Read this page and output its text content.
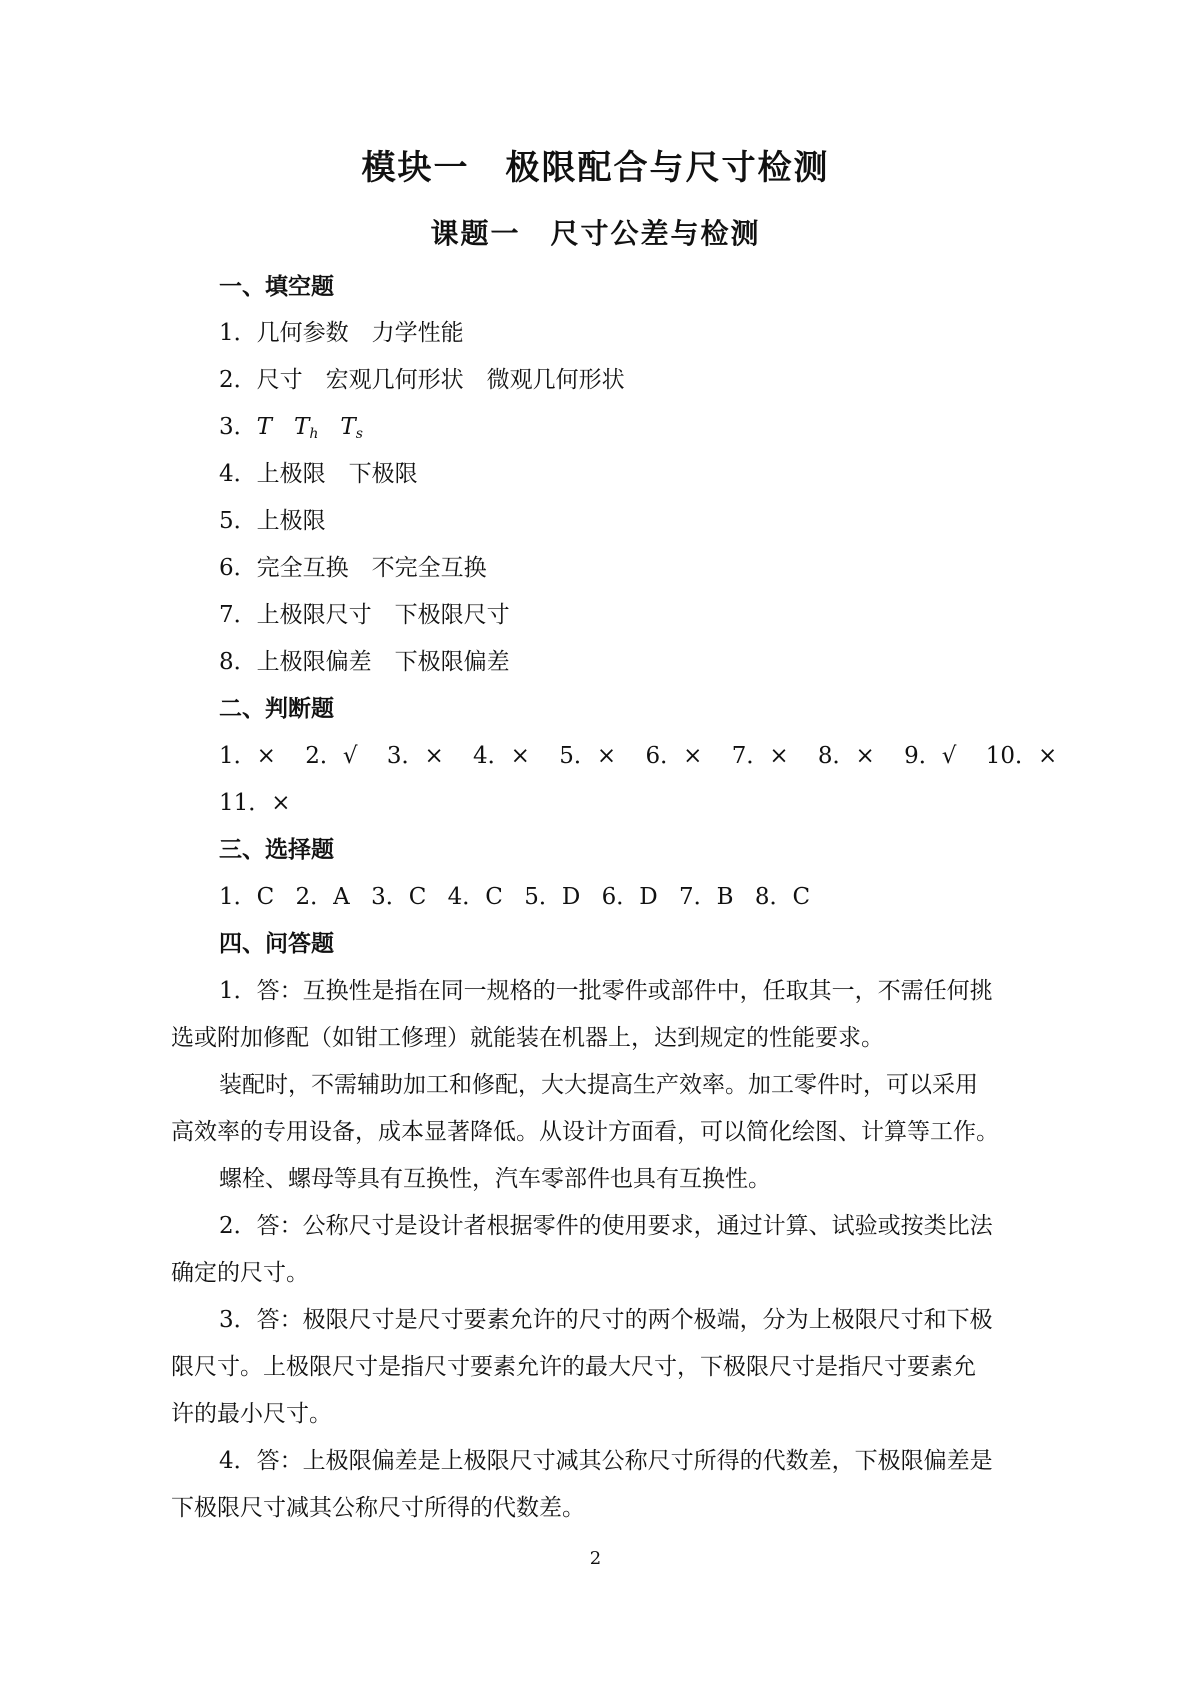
模块一　极限配合与尺寸检测
课题一　尺寸公差与检测
一、填空题
1．几何参数　力学性能
2．尺寸　宏观几何形状　微观几何形状
3．T $T_h$ $T_s$
4．上极限　下极限
5．上极限
6．完全互换　不完全互换
7．上极限尺寸　下极限尺寸
8．上极限偏差　下极限偏差
二、判断题
1．× 2．√ 3．× 4．× 5．× 6．× 7．× 8．× 9．√ 10．×
11．×
三、选择题
1．C 2．A 3．C 4．C 5．D 6．D 7．B 8．C
四、问答题
1．答：互换性是指在同一规格的一批零件或部件中，任取其一，不需任何挑
选或附加修配（如钳工修理）就能装在机器上，达到规定的性能要求。
装配时，不需辅助加工和修配，大大提高生产效率。加工零件时，可以采用
高效率的专用设备，成本显著降低。从设计方面看，可以简化绘图、计算等工作。
螺栓、螺母等具有互换性，汽车零部件也具有互换性。
2．答：公称尺寸是设计者根据零件的使用要求，通过计算、试验或按类比法
确定的尺寸。
3．答：极限尺寸是尺寸要素允许的尺寸的两个极端，分为上极限尺寸和下极
限尺寸。上极限尺寸是指尺寸要素允许的最大尺寸，下极限尺寸是指尺寸要素允
许的最小尺寸。
4．答：上极限偏差是上极限尺寸减其公称尺寸所得的代数差，下极限偏差是
下极限尺寸减其公称尺寸所得的代数差。
2
